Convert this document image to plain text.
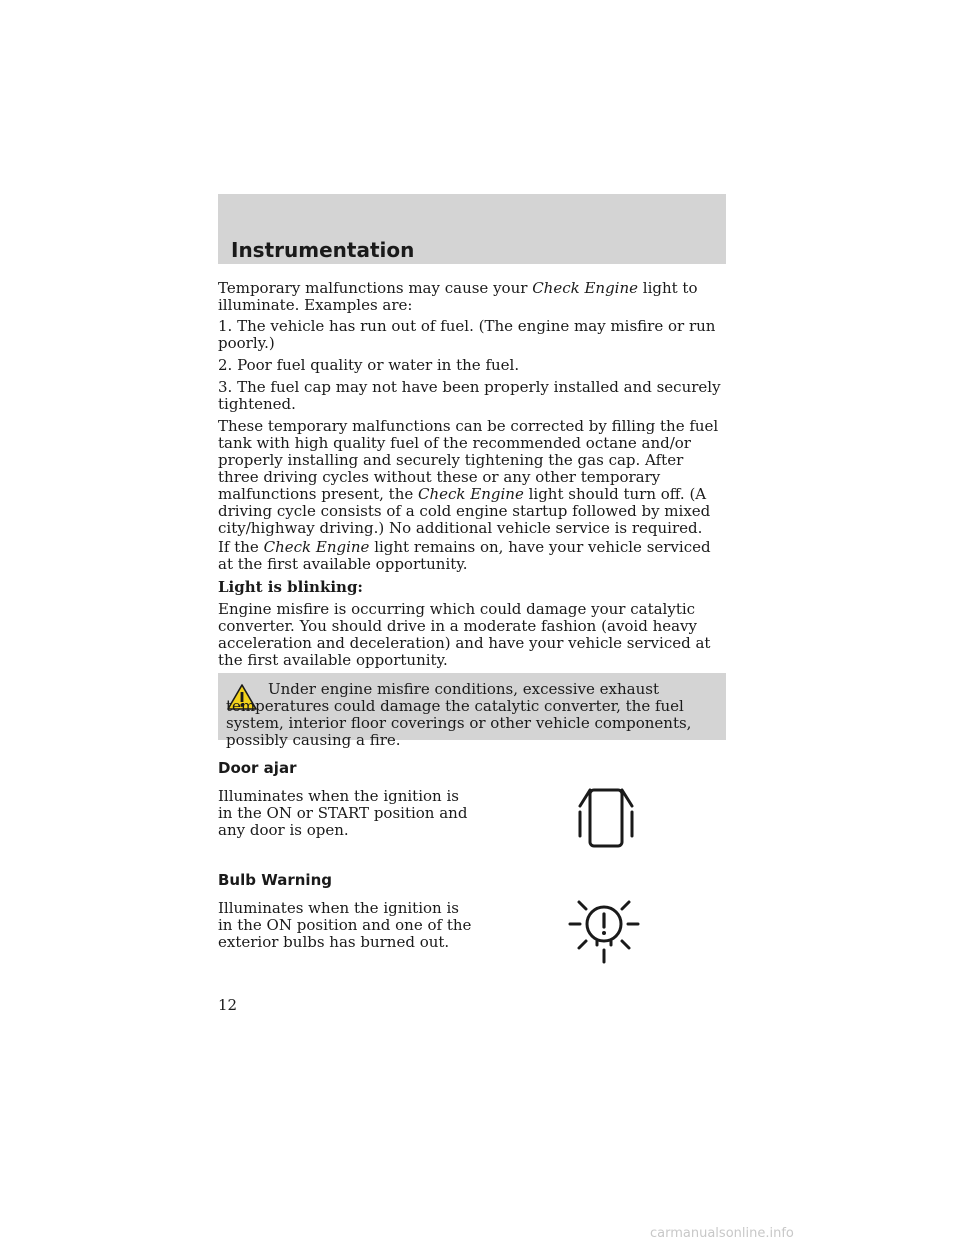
Instrumentation

Temporary malfunctions may cause your Check Engine light to illuminate. Examples are:

1. The vehicle has run out of fuel. (The engine may misfire or run poorly.)

2. Poor fuel quality or water in the fuel.

3. The fuel cap may not have been properly installed and securely tightened.

These temporary malfunctions can be corrected by filling the fuel tank with high quality fuel of the recommended octane and/or properly installing and securely tightening the gas cap. After three driving cycles without these or any other temporary malfunctions present, the Check Engine light should turn off. (A driving cycle consists of a cold engine startup followed by mixed city/highway driving.) No additional vehicle service is required.

If the Check Engine light remains on, have your vehicle serviced at the first available opportunity.

Light is blinking:

Engine misfire is occurring which could damage your catalytic converter. You should drive in a moderate fashion (avoid heavy acceleration and deceleration) and have your vehicle serviced at the first available opportunity.

Under engine misfire conditions, excessive exhaust temperatures could damage the catalytic converter, the fuel system, interior floor coverings or other vehicle components, possibly causing a fire.

Door ajar

Illuminates when the ignition is in the ON or START position and any door is open.

Bulb Warning

Illuminates when the ignition is in the ON position and one of the exterior bulbs has burned out.

12
carmanualsonline.info
